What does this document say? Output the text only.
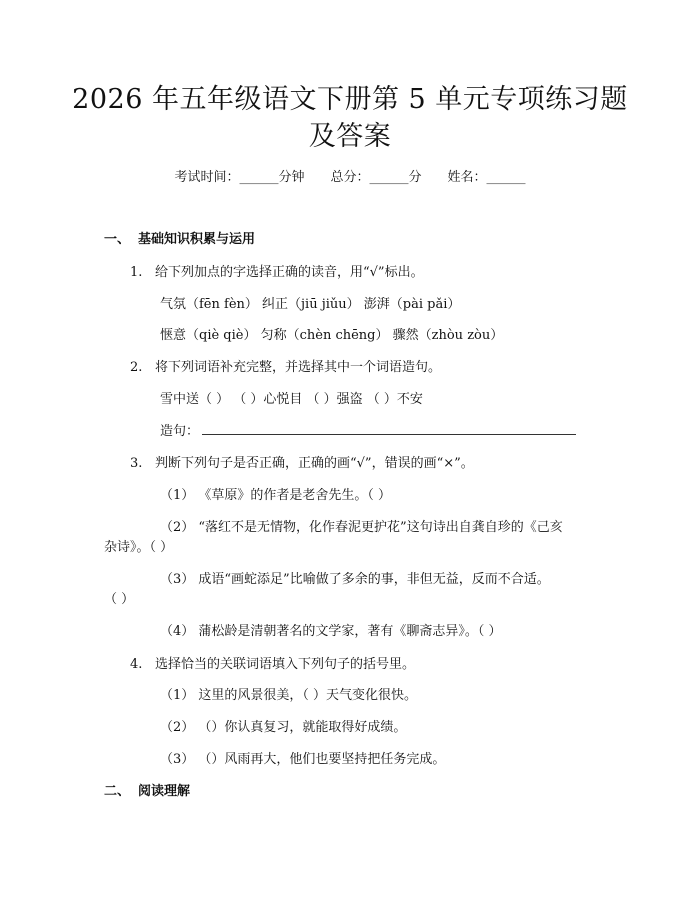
2026 年五年级语文下册第 5 单元专项练习题
及答案
考试时间：______分钟 总分：______分 姓名：______
一、 基础知识积累与运用
1. 给下列加点的字选择正确的读音，用“√”标出。
气氛（fēn fèn） 纠正（jiū jiǔu） 澎湃（pài pǎi）
惬意（qiè qiè） 匀称（chèn chēng） 骤然（zhòu zòu）
2. 将下列词语补充完整，并选择其中一个词语造句。
雪中送（ ） （ ）心悦目 （ ）强盗 （ ）不安
造句：
3. 判断下列句子是否正确，正确的画“√”，错误的画“×”。
（1） 《草原》的作者是老舍先生。（ ）
（2） “落红不是无情物，化作春泥更护花”这句诗出自龚自珍的《己亥
杂诗》。（ ）
（3） 成语“画蛇添足”比喻做了多余的事，非但无益，反而不合适。
（ ）
（4） 蒲松龄是清朝著名的文学家，著有《聊斋志异》。（ ）
4. 选择恰当的关联词语填入下列句子的括号里。
（1） 这里的风景很美，（ ）天气变化很快。
（2） （）你认真复习，就能取得好成绩。
（3） （）风雨再大，他们也要坚持把任务完成。
二、 阅读理解
